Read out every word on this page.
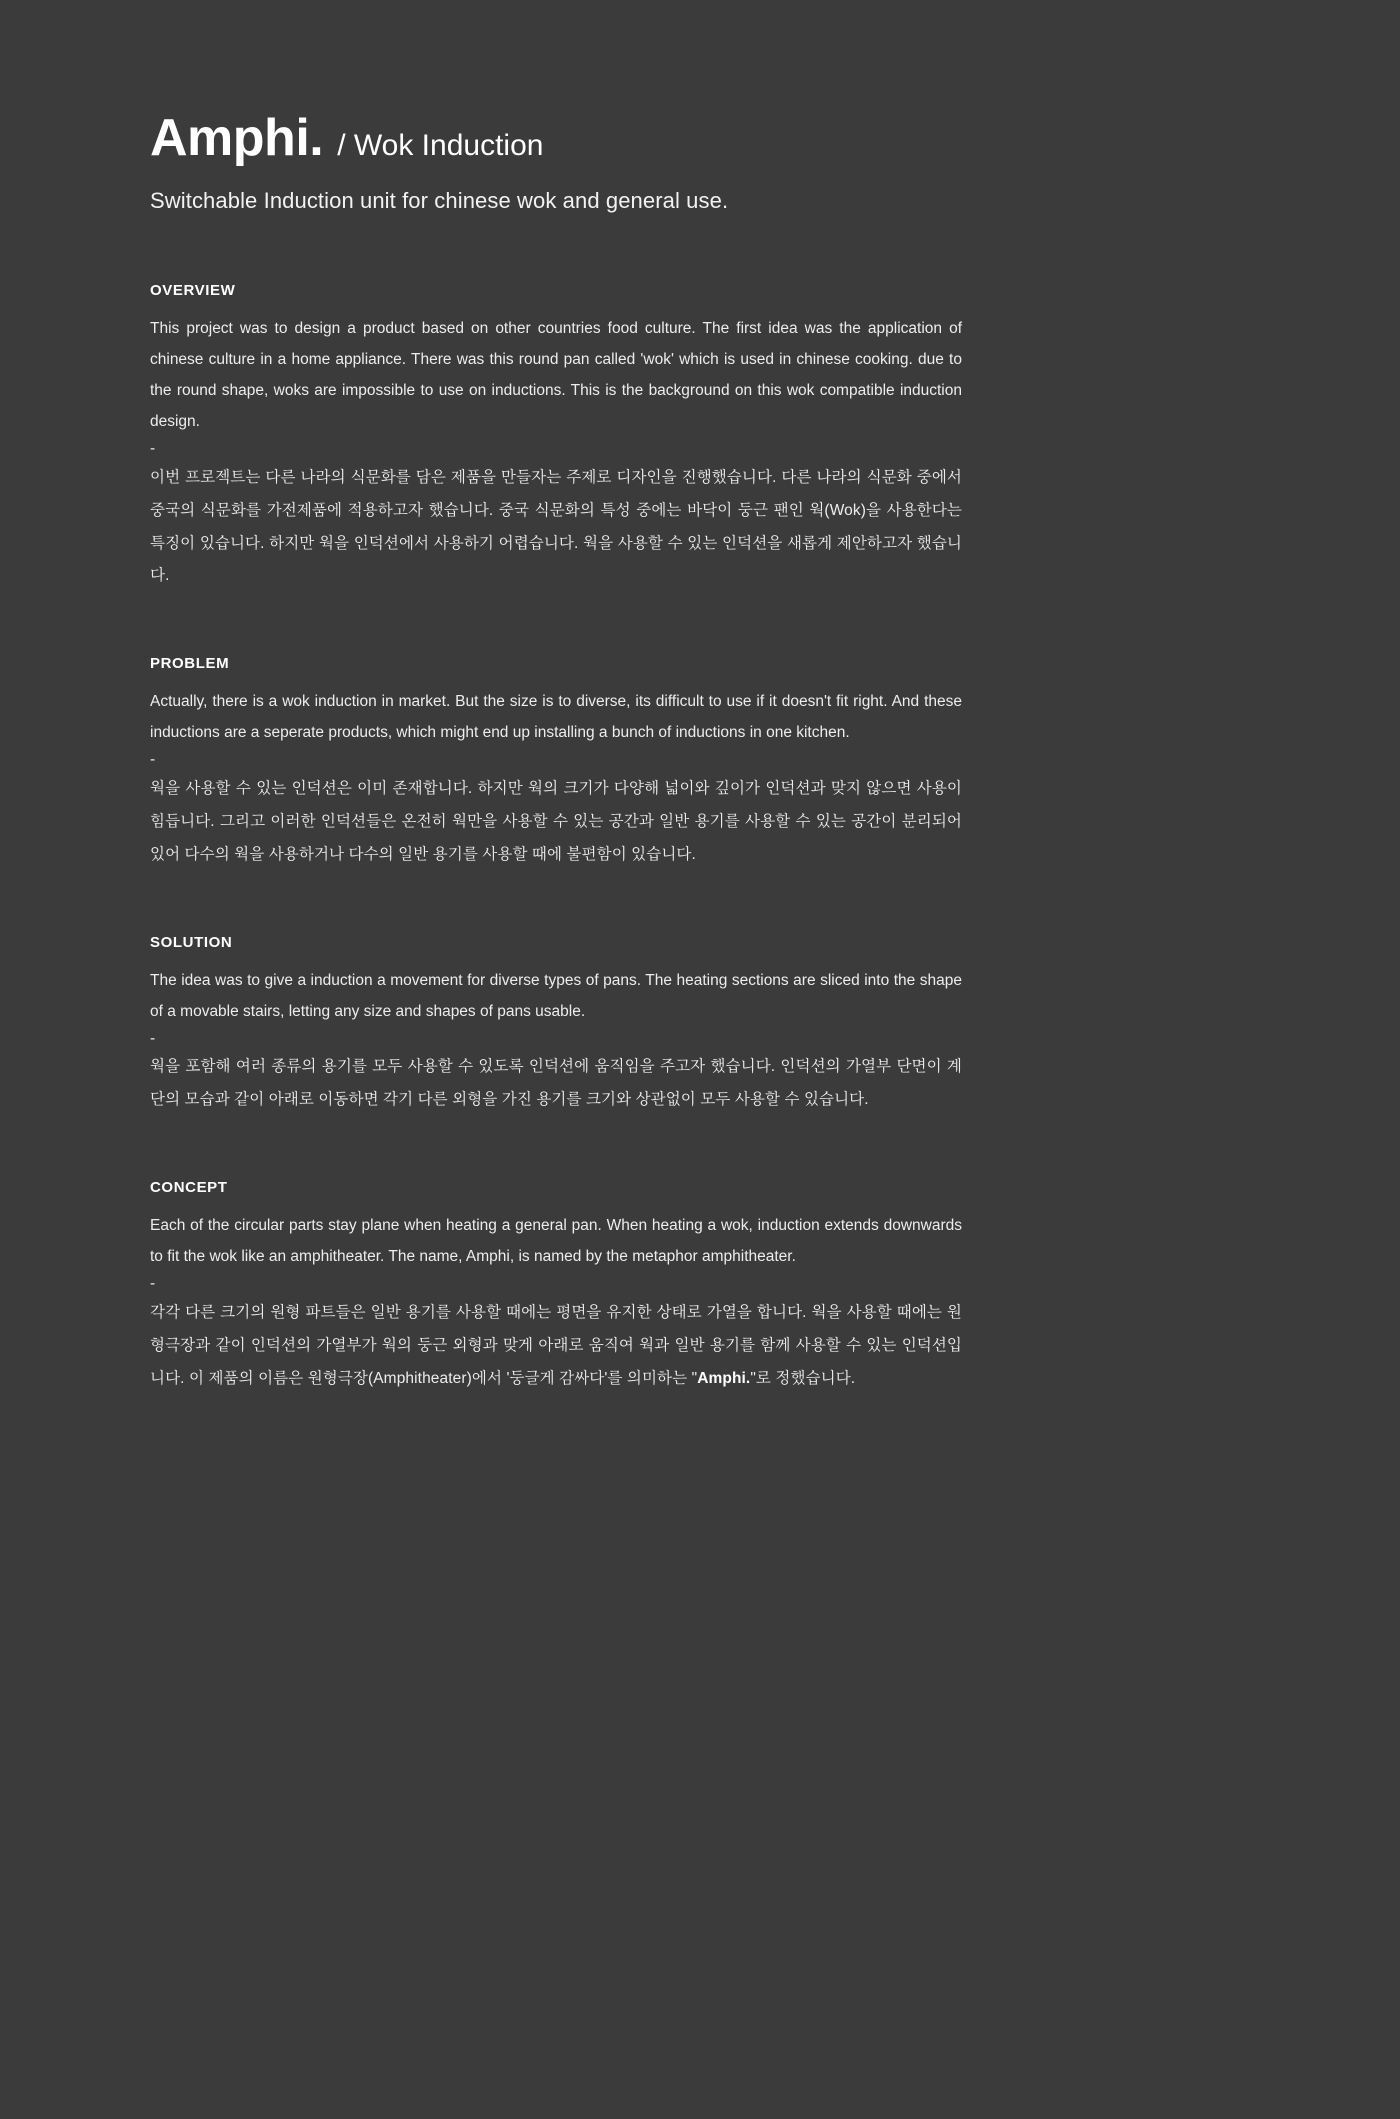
Amphi. / Wok Induction
Switchable Induction unit for chinese wok and general use.
OVERVIEW

This project was to design a product based on other countries food culture. The first idea was the application of chinese culture in a home appliance. There was this round pan called 'wok' which is used in chinese cooking. due to the round shape, woks are impossible to use on inductions. This is the background on this wok compatible induction design.

-

이번 프로젝트는 다른 나라의 식문화를 담은 제품을 만들자는 주제로 디자인을 진행했습니다. 다른 나라의 식문화 중에서 중국의 식문화를 가전제품에 적용하고자 했습니다. 중국 식문화의 특성 중에는 바닥이 둥근 팬인 웍(Wok)을 사용한다는 특징이 있습니다. 하지만 웍을 인덕션에서 사용하기 어렵습니다. 웍을 사용할 수 있는 인덕션을 새롭게 제안하고자 했습니다.

PROBLEM

Actually, there is a wok induction in market. But the size is to diverse, its difficult to use if it doesn't fit right. And these inductions are a seperate products, which might end up installing a bunch of inductions in one kitchen.

-

웍을 사용할 수 있는 인덕션은 이미 존재합니다. 하지만 웍의 크기가 다양해 넓이와 깊이가 인덕션과 맞지 않으면 사용이 힘듭니다. 그리고 이러한 인덕션들은 온전히 웍만을 사용할 수 있는 공간과 일반 용기를 사용할 수 있는 공간이 분리되어있어 다수의 웍을 사용하거나 다수의 일반 용기를 사용할 때에 불편함이 있습니다.

SOLUTION

The idea was to give a induction a movement for diverse types of pans. The heating sections are sliced into the shape of a movable stairs, letting any size and shapes of pans usable.

-

웍을 포함해 여러 종류의 용기를 모두 사용할 수 있도록 인덕션에 움직임을 주고자 했습니다. 인덕션의 가열부 단면이 계단의 모습과 같이 아래로 이동하면 각기 다른 외형을 가진 용기를 크기와 상관없이 모두 사용할 수 있습니다.

CONCEPT

Each of the circular parts stay plane when heating a general pan. When heating a wok, induction extends downwards to fit the wok like an amphitheater. The name, Amphi, is named by the metaphor amphitheater.

-

각각 다른 크기의 원형 파트들은 일반 용기를 사용할 때에는 평면을 유지한 상태로 가열을 합니다. 웍을 사용할 때에는 원형극장과 같이 인덕션의 가열부가 웍의 둥근 외형과 맞게 아래로 움직여 웍과 일반 용기를 함께 사용할 수 있는 인덕션입니다. 이 제품의 이름은 원형극장(Amphitheater)에서 '둥글게 감싸다'를 의미하는 "Amphi."로 정했습니다.
